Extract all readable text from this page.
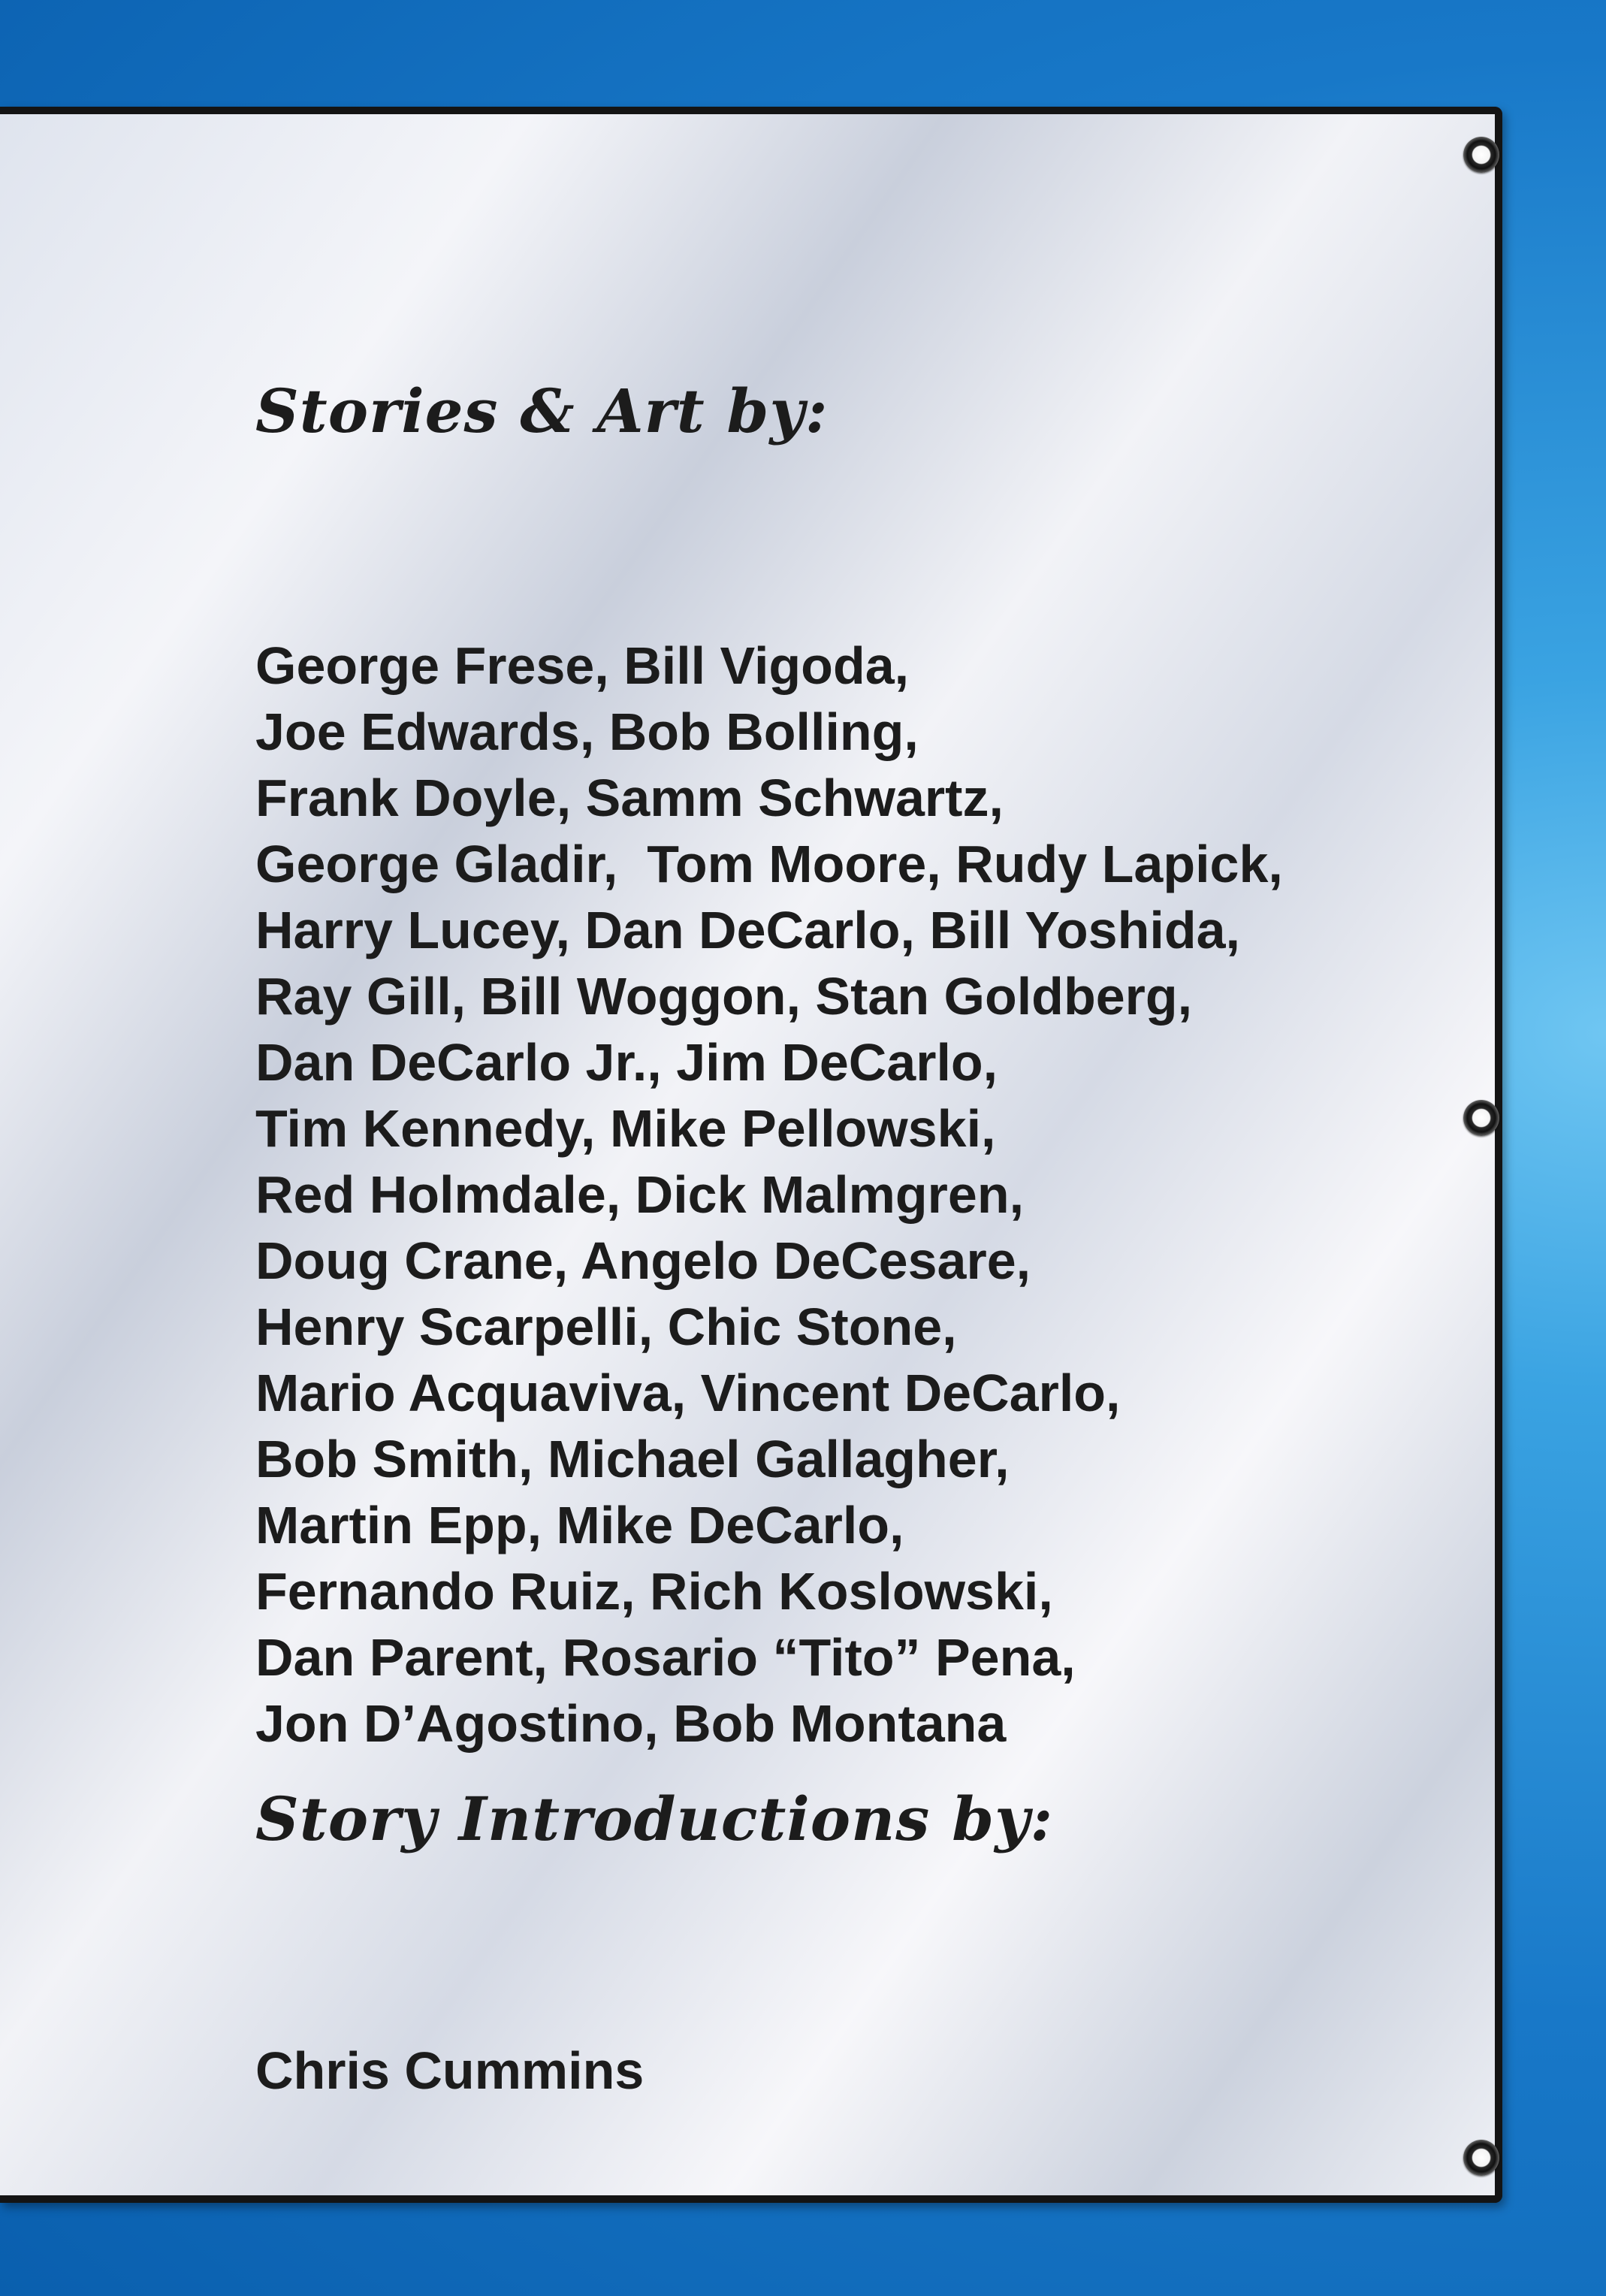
Stories & Art by:
George Frese, Bill Vigoda,
Joe Edwards, Bob Bolling,
Frank Doyle, Samm Schwartz,
George Gladir,  Tom Moore, Rudy Lapick,
Harry Lucey, Dan DeCarlo, Bill Yoshida,
Ray Gill, Bill Woggon, Stan Goldberg,
Dan DeCarlo Jr., Jim DeCarlo,
Tim Kennedy, Mike Pellowski,
Red Holmdale, Dick Malmgren,
Doug Crane, Angelo DeCesare,
Henry Scarpelli, Chic Stone,
Mario Acquaviva, Vincent DeCarlo,
Bob Smith, Michael Gallagher,
Martin Epp, Mike DeCarlo,
Fernando Ruiz, Rich Koslowski,
Dan Parent, Rosario “Tito” Pena,
Jon D’Agostino, Bob Montana
Story Introductions by:
Chris Cummins
